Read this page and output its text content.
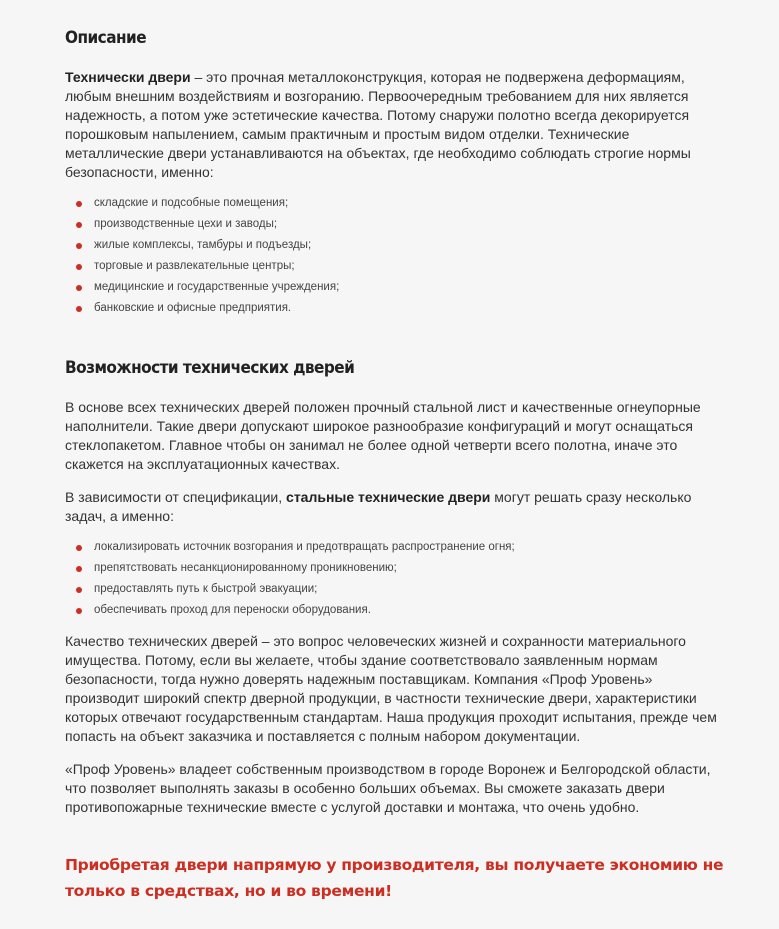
Описание

Технически двери – это прочная металлоконструкция, которая не подвержена деформациям, любым внешним воздействиям и возгоранию. Первоочередным требованием для них является надежность, а потом уже эстетические качества. Потому снаружи полотно всегда декорируется порошковым напылением, самым практичным и простым видом отделки. Технические металлические двери устанавливаются на объектах, где необходимо соблюдать строгие нормы безопасности, именно:

складские и подсобные помещения;
производственные цехи и заводы;
жилые комплексы, тамбуры и подъезды;
торговые и развлекательные центры;
медицинские и государственные учреждения;
банковские и офисные предприятия.
Возможности технических дверей

В основе всех технических дверей положен прочный стальной лист и качественные огнеупорные наполнители. Такие двери допускают широкое разнообразие конфигураций и могут оснащаться стеклопакетом. Главное чтобы он занимал не более одной четверти всего полотна, иначе это скажется на эксплуатационных качествах.

В зависимости от спецификации, стальные технические двери могут решать сразу несколько задач, а именно:

локализировать источник возгорания и предотвращать распространение огня;
препятствовать несанкционированному проникновению;
предоставлять путь к быстрой эвакуации;
обеспечивать проход для переноски оборудования.

Качество технических дверей – это вопрос человеческих жизней и сохранности материального имущества. Потому, если вы желаете, чтобы здание соответствовало заявленным нормам безопасности, тогда нужно доверять надежным поставщикам. Компания «Проф Уровень» производит широкий спектр дверной продукции, в частности технические двери, характеристики которых отвечают государственным стандартам. Наша продукция проходит испытания, прежде чем попасть на объект заказчика и поставляется с полным набором документации.

«Проф Уровень» владеет собственным производством в городе Воронеж и Белгородской области, что позволяет выполнять заказы в особенно больших объемах. Вы сможете заказать двери противопожарные технические вместе с услугой доставки и монтажа, что очень удобно.

Приобретая двери напрямую у производителя, вы получаете экономию не только в средствах, но и во времени!
